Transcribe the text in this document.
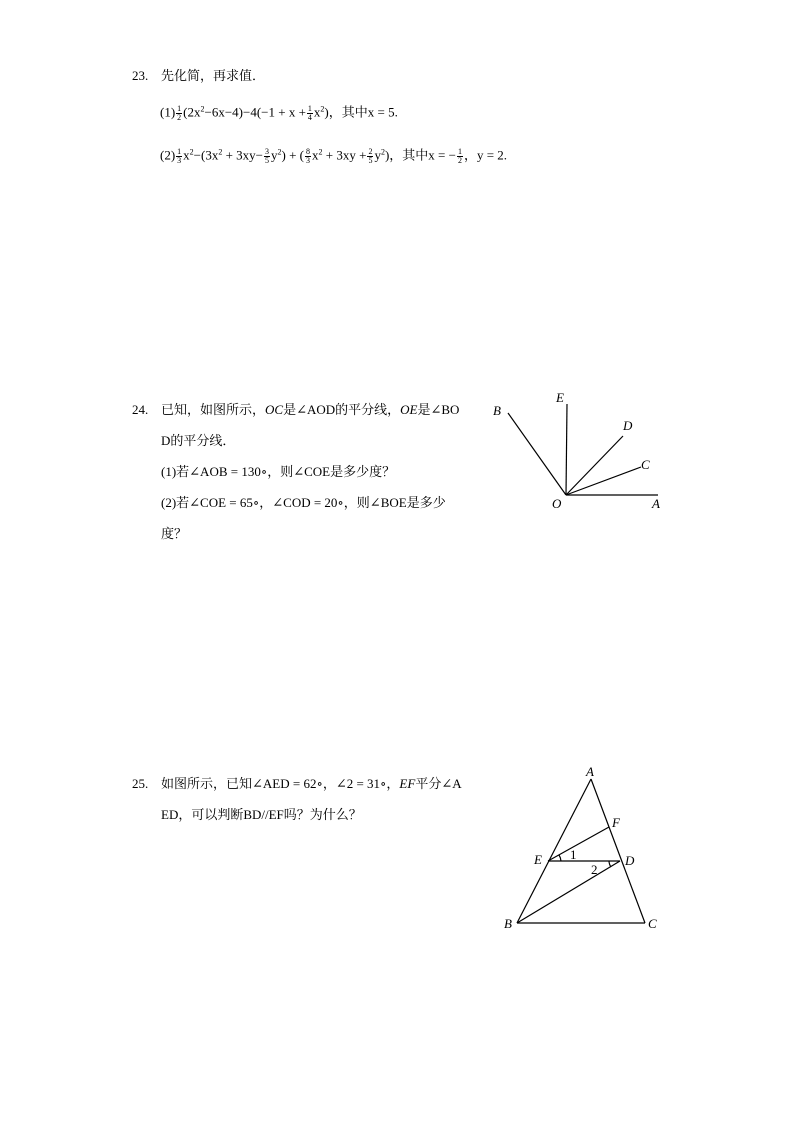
23. 先化简，再求值．
$(1) \frac{1}{2} (2x^2-6x-4)-4(-1 + x + \frac{1}{4} x^2)$，其中x = 5.
$(2) \frac{1}{3} x^2-(3x^2 + 3xy- \frac{3}{5} y^2)$ + ( $\frac{8}{3} x^2 + 3xy + \frac{2}{5} y^2$)，其中x = − $\frac{1}{2}$ ，y = 2.
24. 已知，如图所示，OC是∠AOD的平分线，OE是∠BO
D的平分线．
(1)若∠AOB = 130∘，则∠COE是多少度？
(2)若∠COE = 65∘，∠COD = 20∘，则∠BOE是多少
度？
B
E
D
C
O	A
25. 如图所示，已知∠AED = 62∘，∠2 = 31∘，EF平分∠A
ED，可以判断BD//EF吗？为什么？
A
F
E	D
B	C
1
2
